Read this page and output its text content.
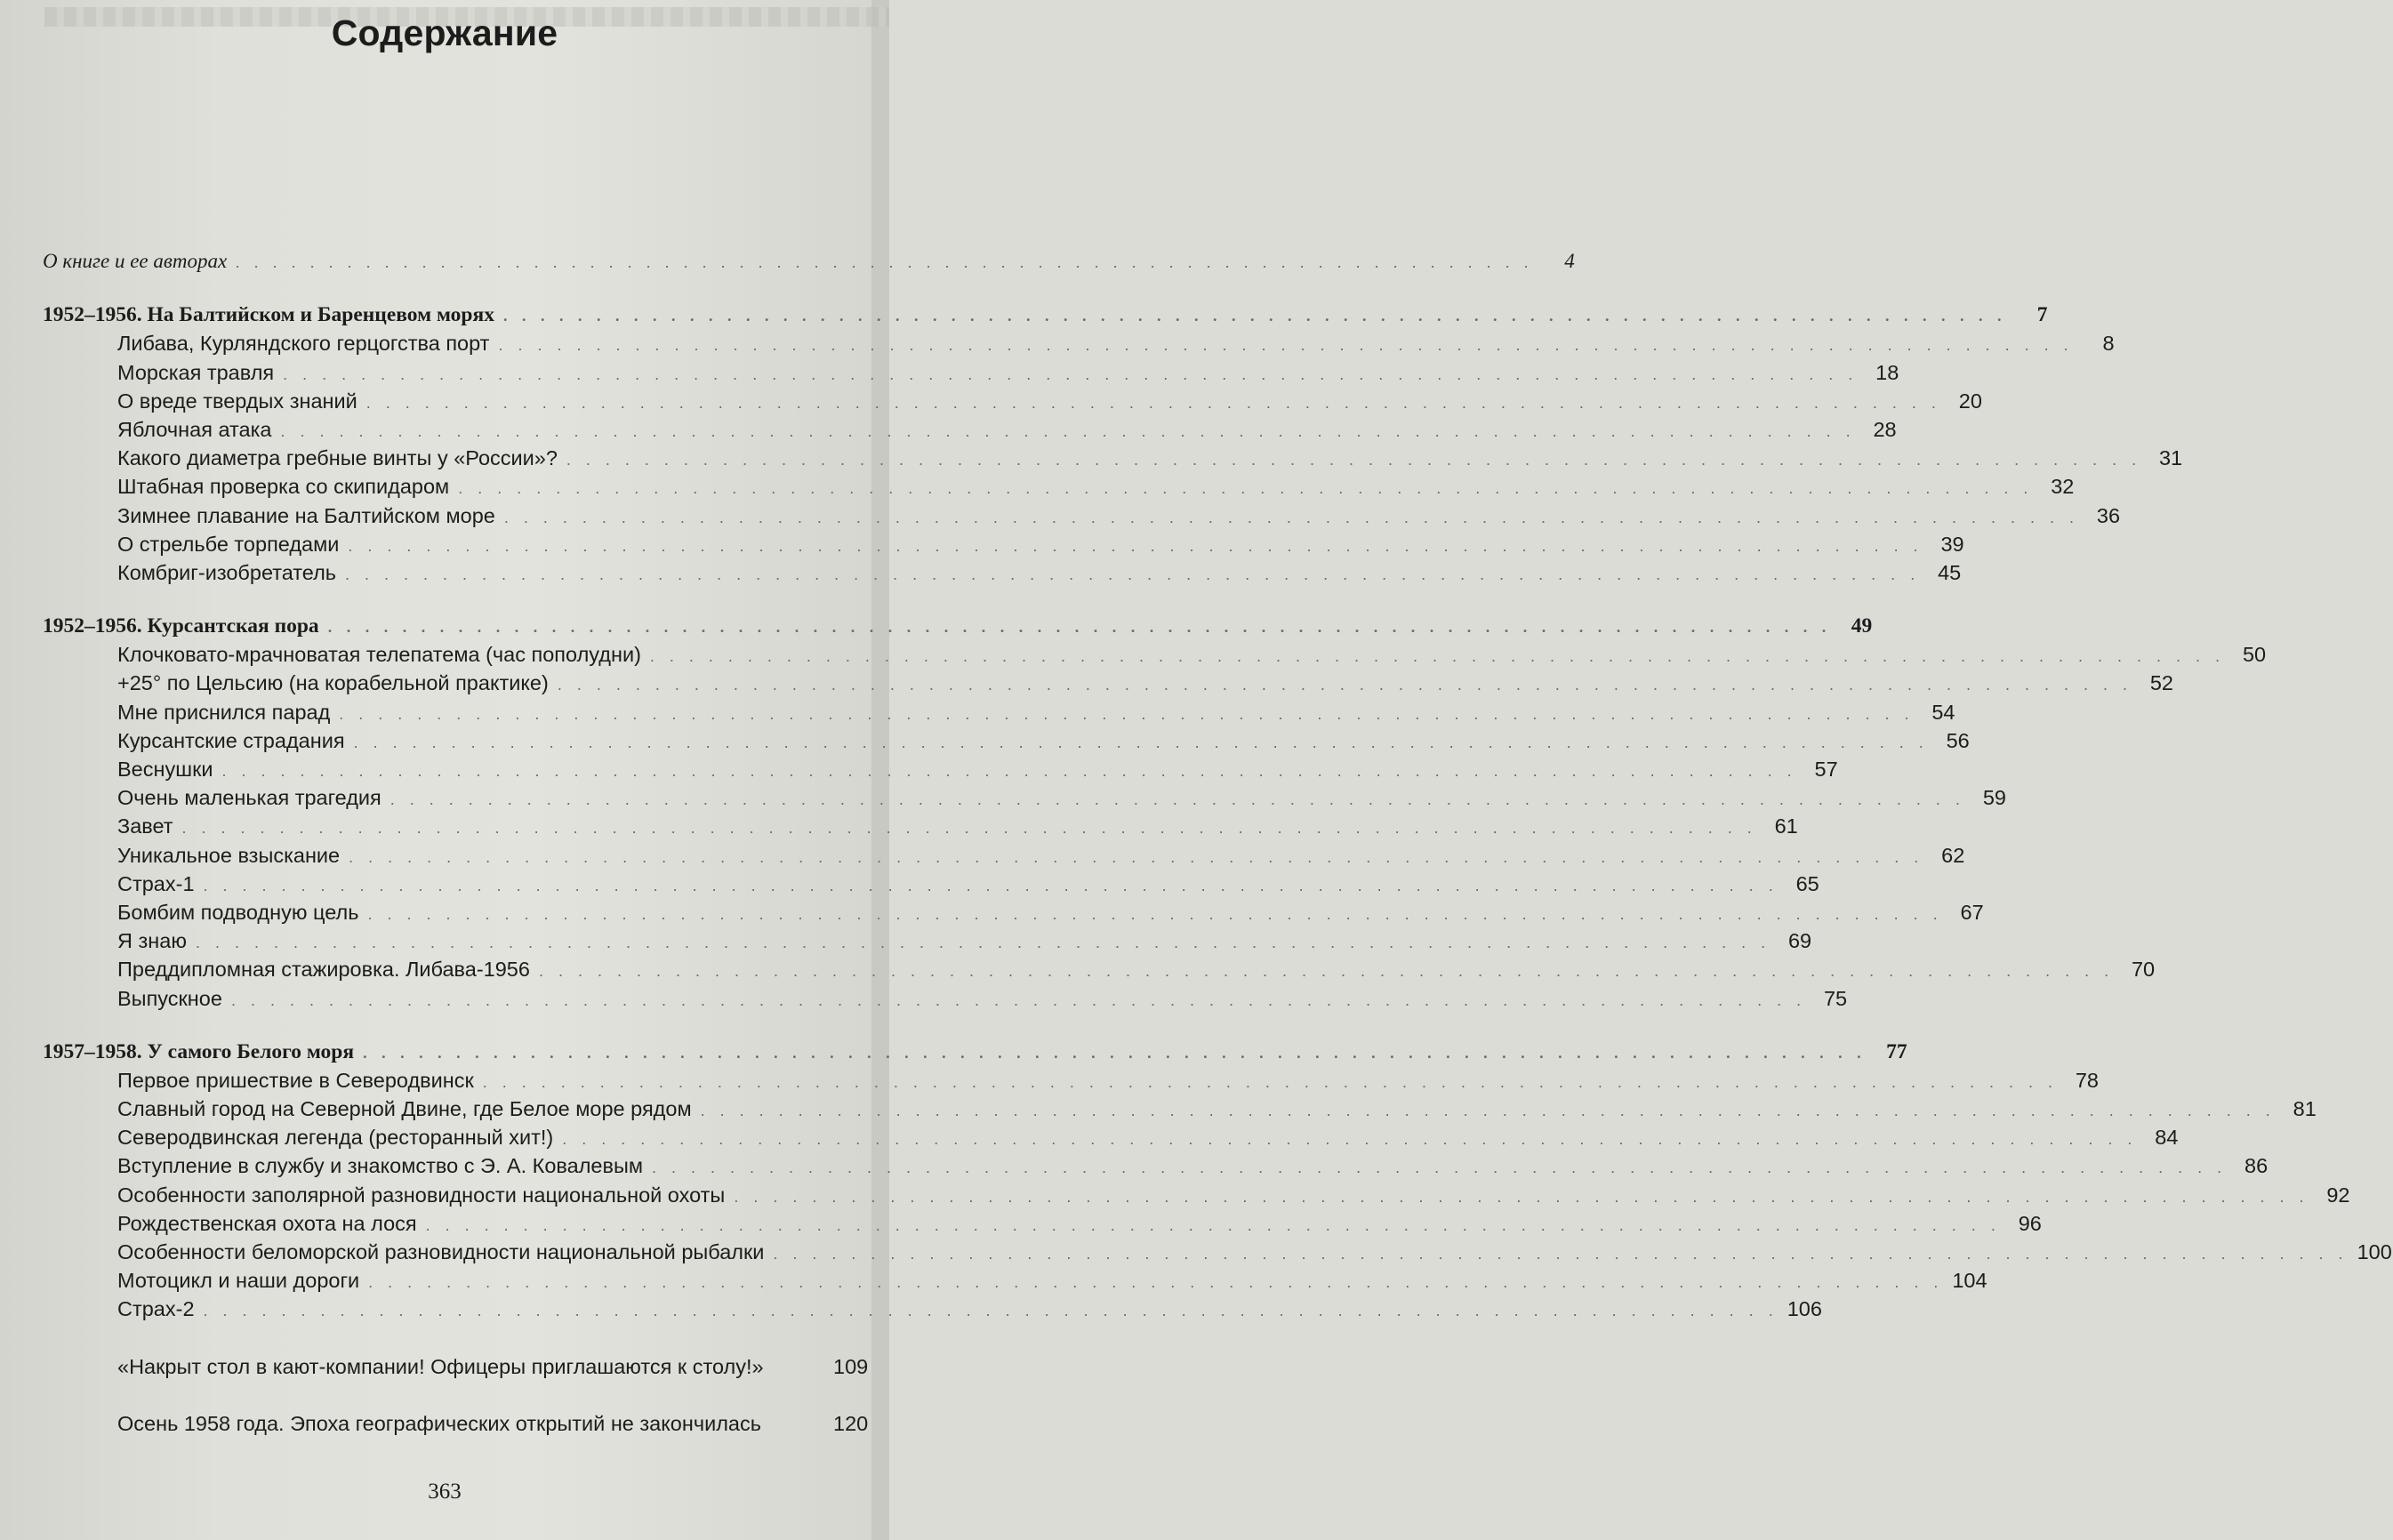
Содержание
О книге и ее авторах . . . . . . . . . . . . . . . . . . . . . . . . . . . . . . . . . . . . . . . . . . . . . . . . . . . . . . . . . . . . . . . . . . . . . .	4
1952–1956. На Балтийском и Баренцевом морях . . . . . . . . . . . . . . . . . . . . . . . . . . . . . . . . . . . . . . . . . . . . . . . . . . . . . . . . . . . . . . . . . . . . . . . . . . . . . . . . .	7
Либава, Курляндского герцогства порт . . . . . . . . . . . . . . . . . . . . . . . . . . . . . . . . . . . . . . . . . . . . . . . . . . . . . . . . . . . . . . . . . . . . . . . . . . . . . . . . .	8
Морская травля . . . . . . . . . . . . . . . . . . . . . . . . . . . . . . . . . . . . . . . . . . . . . . . . . . . . . . . . . . . . . . . . . . . . . . . . . . . . . . . . . 18
О вреде твердых знаний . . . . . . . . . . . . . . . . . . . . . . . . . . . . . . . . . . . . . . . . . . . . . . . . . . . . . . . . . . . . . . . . . . . . . . . . . . . . . . . . . 20
Яблочная атака . . . . . . . . . . . . . . . . . . . . . . . . . . . . . . . . . . . . . . . . . . . . . . . . . . . . . . . . . . . . . . . . . . . . . . . . . . . . . . . . . 28
Какого диаметра гребные винты у «России»? . . . . . . . . . . . . . . . . . . . . . . . . . . . . . . . . . . . . . . . . . . . . . . . . . . . . . . . . . . . . . . . . . . . . . . . . . . . . . . . . . 31
Штабная проверка со скипидаром . . . . . . . . . . . . . . . . . . . . . . . . . . . . . . . . . . . . . . . . . . . . . . . . . . . . . . . . . . . . . . . . . . . . . . . . . . . . . . . . . 32
Зимнее плавание на Балтийском море . . . . . . . . . . . . . . . . . . . . . . . . . . . . . . . . . . . . . . . . . . . . . . . . . . . . . . . . . . . . . . . . . . . . . . . . . . . . . . . . . 36
О стрельбе торпедами . . . . . . . . . . . . . . . . . . . . . . . . . . . . . . . . . . . . . . . . . . . . . . . . . . . . . . . . . . . . . . . . . . . . . . . . . . . . . . . . . 39
Комбриг-изобретатель . . . . . . . . . . . . . . . . . . . . . . . . . . . . . . . . . . . . . . . . . . . . . . . . . . . . . . . . . . . . . . . . . . . . . . . . . . . . . . . . . 45
1952–1956. Курсантская пора . . . . . . . . . . . . . . . . . . . . . . . . . . . . . . . . . . . . . . . . . . . . . . . . . . . . . . . . . . . . . . . . . . . . . . . . . . . . . . . . . 49
Клочковато-мрачноватая телепатема (час пополудни) . . . . . . . . . . . . . . . . . . . . . . . . . . . . . . . . . . . . . . . . . . . . . . . . . . . . . . . . . . . . . . . . . . . . . . . . . . . . . . . . . 50
+25° по Цельсию (на корабельной практике) . . . . . . . . . . . . . . . . . . . . . . . . . . . . . . . . . . . . . . . . . . . . . . . . . . . . . . . . . . . . . . . . . . . . . . . . . . . . . . . . . 52
Мне приснился парад . . . . . . . . . . . . . . . . . . . . . . . . . . . . . . . . . . . . . . . . . . . . . . . . . . . . . . . . . . . . . . . . . . . . . . . . . . . . . . . . . 54
Курсантские страдания . . . . . . . . . . . . . . . . . . . . . . . . . . . . . . . . . . . . . . . . . . . . . . . . . . . . . . . . . . . . . . . . . . . . . . . . . . . . . . . . . 56
Веснушки . . . . . . . . . . . . . . . . . . . . . . . . . . . . . . . . . . . . . . . . . . . . . . . . . . . . . . . . . . . . . . . . . . . . . . . . . . . . . . . . . 57
Очень маленькая трагедия . . . . . . . . . . . . . . . . . . . . . . . . . . . . . . . . . . . . . . . . . . . . . . . . . . . . . . . . . . . . . . . . . . . . . . . . . . . . . . . . . 59
Завет . . . . . . . . . . . . . . . . . . . . . . . . . . . . . . . . . . . . . . . . . . . . . . . . . . . . . . . . . . . . . . . . . . . . . . . . . . . . . . . . . 61
Уникальное взыскание . . . . . . . . . . . . . . . . . . . . . . . . . . . . . . . . . . . . . . . . . . . . . . . . . . . . . . . . . . . . . . . . . . . . . . . . . . . . . . . . . 62
Страх-1 . . . . . . . . . . . . . . . . . . . . . . . . . . . . . . . . . . . . . . . . . . . . . . . . . . . . . . . . . . . . . . . . . . . . . . . . . . . . . . . . . 65
Бомбим подводную цель . . . . . . . . . . . . . . . . . . . . . . . . . . . . . . . . . . . . . . . . . . . . . . . . . . . . . . . . . . . . . . . . . . . . . . . . . . . . . . . . . 67
Я знаю . . . . . . . . . . . . . . . . . . . . . . . . . . . . . . . . . . . . . . . . . . . . . . . . . . . . . . . . . . . . . . . . . . . . . . . . . . . . . . . . . 69
Преддипломная стажировка. Либава-1956 . . . . . . . . . . . . . . . . . . . . . . . . . . . . . . . . . . . . . . . . . . . . . . . . . . . . . . . . . . . . . . . . . . . . . . . . . . . . . . . . . 70
Выпускное . . . . . . . . . . . . . . . . . . . . . . . . . . . . . . . . . . . . . . . . . . . . . . . . . . . . . . . . . . . . . . . . . . . . . . . . . . . . . . . . . 75
1957–1958. У самого Белого моря . . . . . . . . . . . . . . . . . . . . . . . . . . . . . . . . . . . . . . . . . . . . . . . . . . . . . . . . . . . . . . . . . . . . . . . . . . . . . . . . . 77
Первое пришествие в Северодвинск . . . . . . . . . . . . . . . . . . . . . . . . . . . . . . . . . . . . . . . . . . . . . . . . . . . . . . . . . . . . . . . . . . . . . . . . . . . . . . . . . 78
Славный город на Северной Двине, где Белое море рядом . . . . . . . . . . . . . . . . . . . . . . . . . . . . . . . . . . . . . . . . . . . . . . . . . . . . . . . . . . . . . . . . . . . . . . . . . . . . . . . . . 81
Северодвинская легенда (ресторанный хит!) . . . . . . . . . . . . . . . . . . . . . . . . . . . . . . . . . . . . . . . . . . . . . . . . . . . . . . . . . . . . . . . . . . . . . . . . . . . . . . . . . 84
Вступление в службу и знакомство с Э. А. Ковалевым . . . . . . . . . . . . . . . . . . . . . . . . . . . . . . . . . . . . . . . . . . . . . . . . . . . . . . . . . . . . . . . . . . . . . . . . . . . . . . . . . 86
Особенности заполярной разновидности национальной охоты . . . . . . . . . . . . . . . . . . . . . . . . . . . . . . . . . . . . . . . . . . . . . . . . . . . . . . . . . . . . . . . . . . . . . . . . . . . . . . . . . 92
Рождественская охота на лося . . . . . . . . . . . . . . . . . . . . . . . . . . . . . . . . . . . . . . . . . . . . . . . . . . . . . . . . . . . . . . . . . . . . . . . . . . . . . . . . . 96
Особенности беломорской разновидности национальной рыбалки . . . . . . . . . . . . . . . . . . . . . . . . . . . . . . . . . . . . . . . . . . . . . . . . . . . . . . . . . . . . . . . . . . . . . . . . . . . . . . . . . 100
Мотоцикл и наши дороги . . . . . . . . . . . . . . . . . . . . . . . . . . . . . . . . . . . . . . . . . . . . . . . . . . . . . . . . . . . . . . . . . . . . . . . . . . . . . . . . . 104
Страх-2 . . . . . . . . . . . . . . . . . . . . . . . . . . . . . . . . . . . . . . . . . . . . . . . . . . . . . . . . . . . . . . . . . . . . . . . . . . . . . . . . . 106
«Накрыт стол в кают-компании! Офицеры приглашаются к столу!»	109
Осень 1958 года. Эпоха географических открытий не закончилась	120
363
